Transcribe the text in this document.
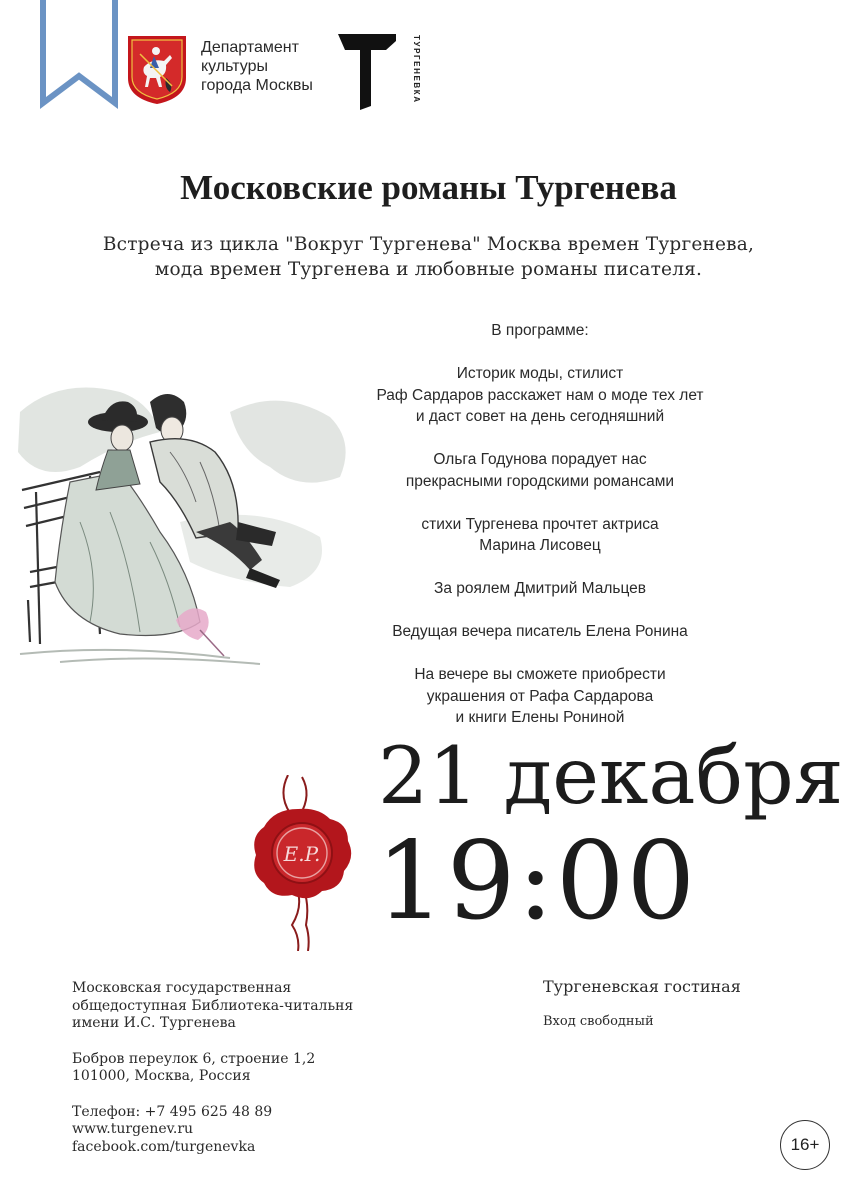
Департамент
культуры
города Москвы	ТУРГЕНЕВКА
Московские романы Тургенева
Встреча из цикла "Вокруг Тургенева" Москва времен Тургенева,
мода времен Тургенева и любовные романы писателя.
В программе:
Историк моды, стилист
Раф Сардаров расскажет нам о моде тех лет
и даст совет на день сегодняшний
Ольга Годунова порадует нас
прекрасными городскими романсами
стихи Тургенева прочтет актриса
Марина Лисовец
За роялем Дмитрий Мальцев
Ведущая вечера писатель Елена Ронина
На вечере вы сможете приобрести
украшения от Рафа Сардарова
и книги Елены Рониной
21 декабря
19:00
E.P.
Московская государственная
общедоступная Библиотека-читальня
имени И.С. Тургенева
Бобров переулок 6, строение 1,2
101000, Москва, Россия
Телефон: +7 495 625 48 89
www.turgenev.ru
facebook.com/turgenevka
Тургеневская гостиная
Вход свободный
16+
